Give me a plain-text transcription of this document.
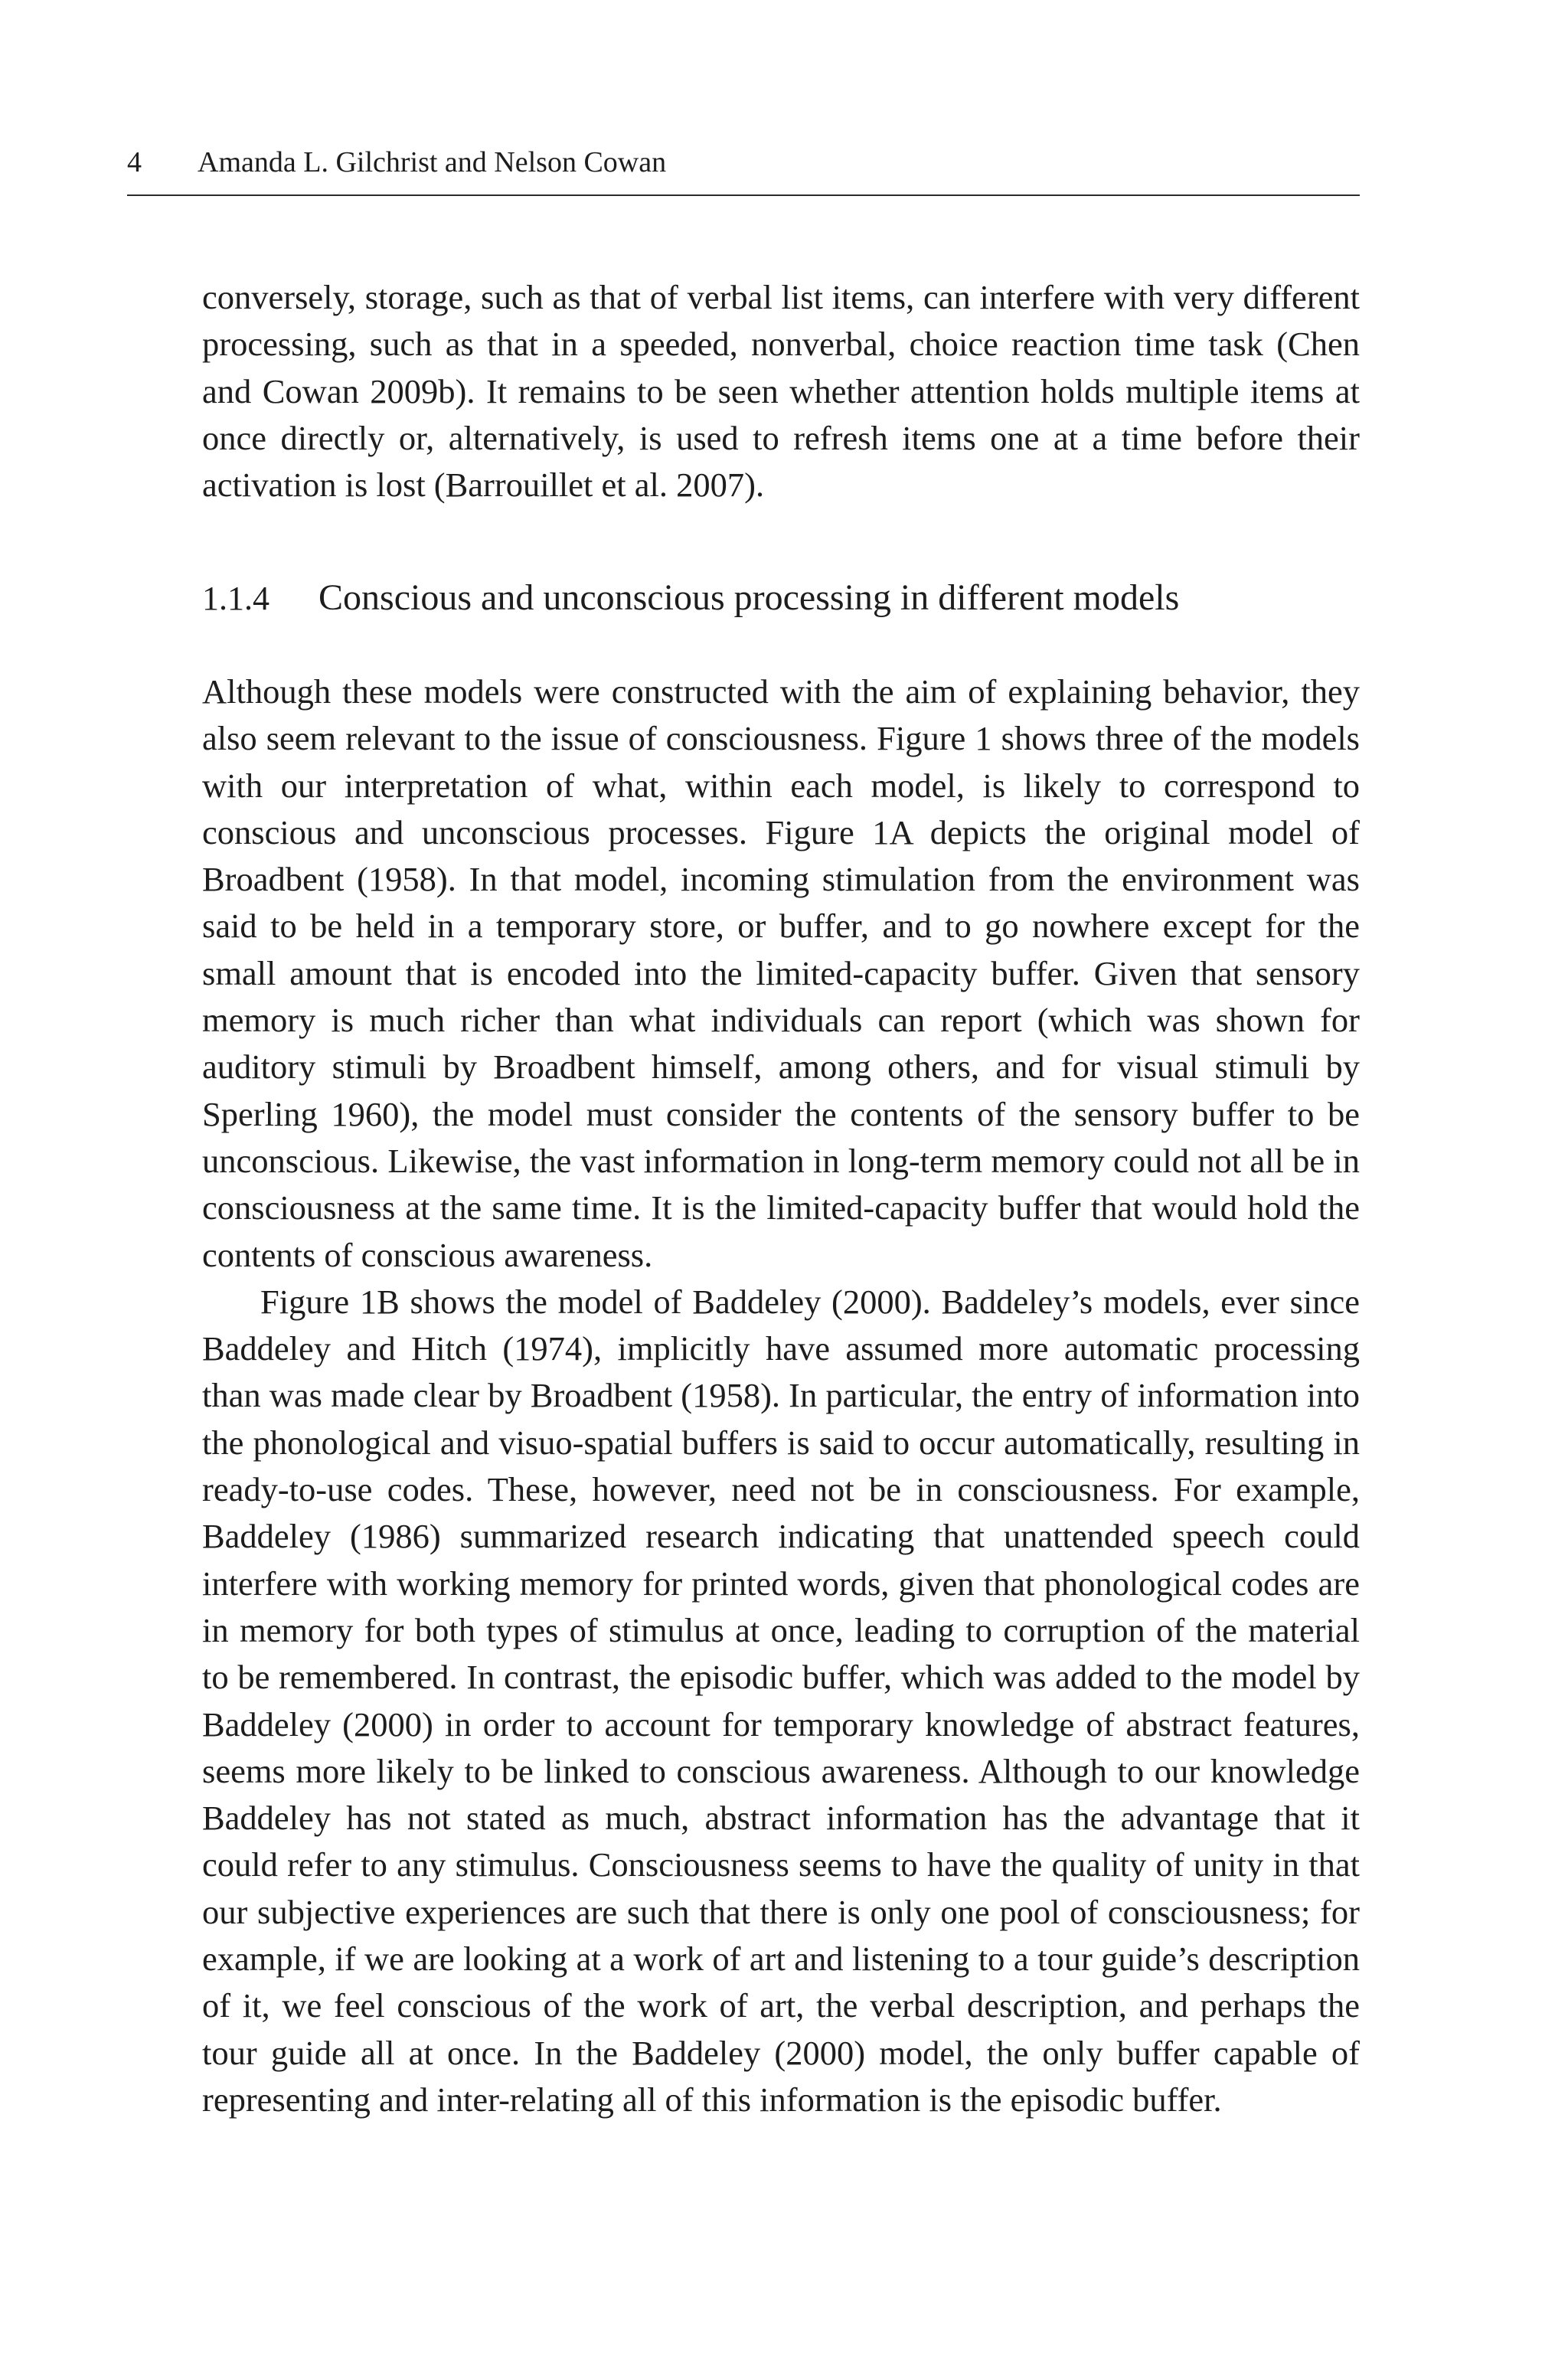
4 Amanda L. Gilchrist and Nelson Cowan

conversely, storage, such as that of verbal list items, can interfere with very different processing, such as that in a speeded, nonverbal, choice reaction time task (Chen and Cowan 2009b). It remains to be seen whether attention holds multiple items at once directly or, alternatively, is used to refresh items one at a time before their activation is lost (Barrouillet et al. 2007).

1.1.4 Conscious and unconscious processing in different models

Although these models were constructed with the aim of explaining behavior, they also seem relevant to the issue of consciousness. Figure 1 shows three of the models with our interpretation of what, within each model, is likely to correspond to conscious and unconscious processes. Figure 1A depicts the original model of Broadbent (1958). In that model, incoming stimulation from the environment was said to be held in a temporary store, or buffer, and to go nowhere except for the small amount that is encoded into the limited-capacity buffer. Given that sensory memory is much richer than what individuals can report (which was shown for auditory stimuli by Broadbent himself, among others, and for visual stimuli by Sperling 1960), the model must consider the contents of the sensory buffer to be unconscious. Likewise, the vast information in long-term memory could not all be in consciousness at the same time. It is the limited-capacity buffer that would hold the contents of conscious awareness.

Figure 1B shows the model of Baddeley (2000). Baddeley’s models, ever since Baddeley and Hitch (1974), implicitly have assumed more automatic processing than was made clear by Broadbent (1958). In particular, the entry of information into the phonological and visuo-spatial buffers is said to occur automatically, resulting in ready-to-use codes. These, however, need not be in consciousness. For example, Baddeley (1986) summarized research indicating that unattended speech could interfere with working memory for printed words, given that phonological codes are in memory for both types of stimulus at once, leading to corruption of the material to be remembered. In contrast, the episodic buffer, which was added to the model by Baddeley (2000) in order to account for temporary knowledge of abstract features, seems more likely to be linked to conscious awareness. Although to our knowledge Baddeley has not stated as much, abstract information has the advantage that it could refer to any stimulus. Consciousness seems to have the quality of unity in that our subjective experiences are such that there is only one pool of consciousness; for example, if we are looking at a work of art and listening to a tour guide’s description of it, we feel conscious of the work of art, the verbal description, and perhaps the tour guide all at once. In the Baddeley (2000) model, the only buffer capable of representing and inter-relating all of this information is the episodic buffer.
